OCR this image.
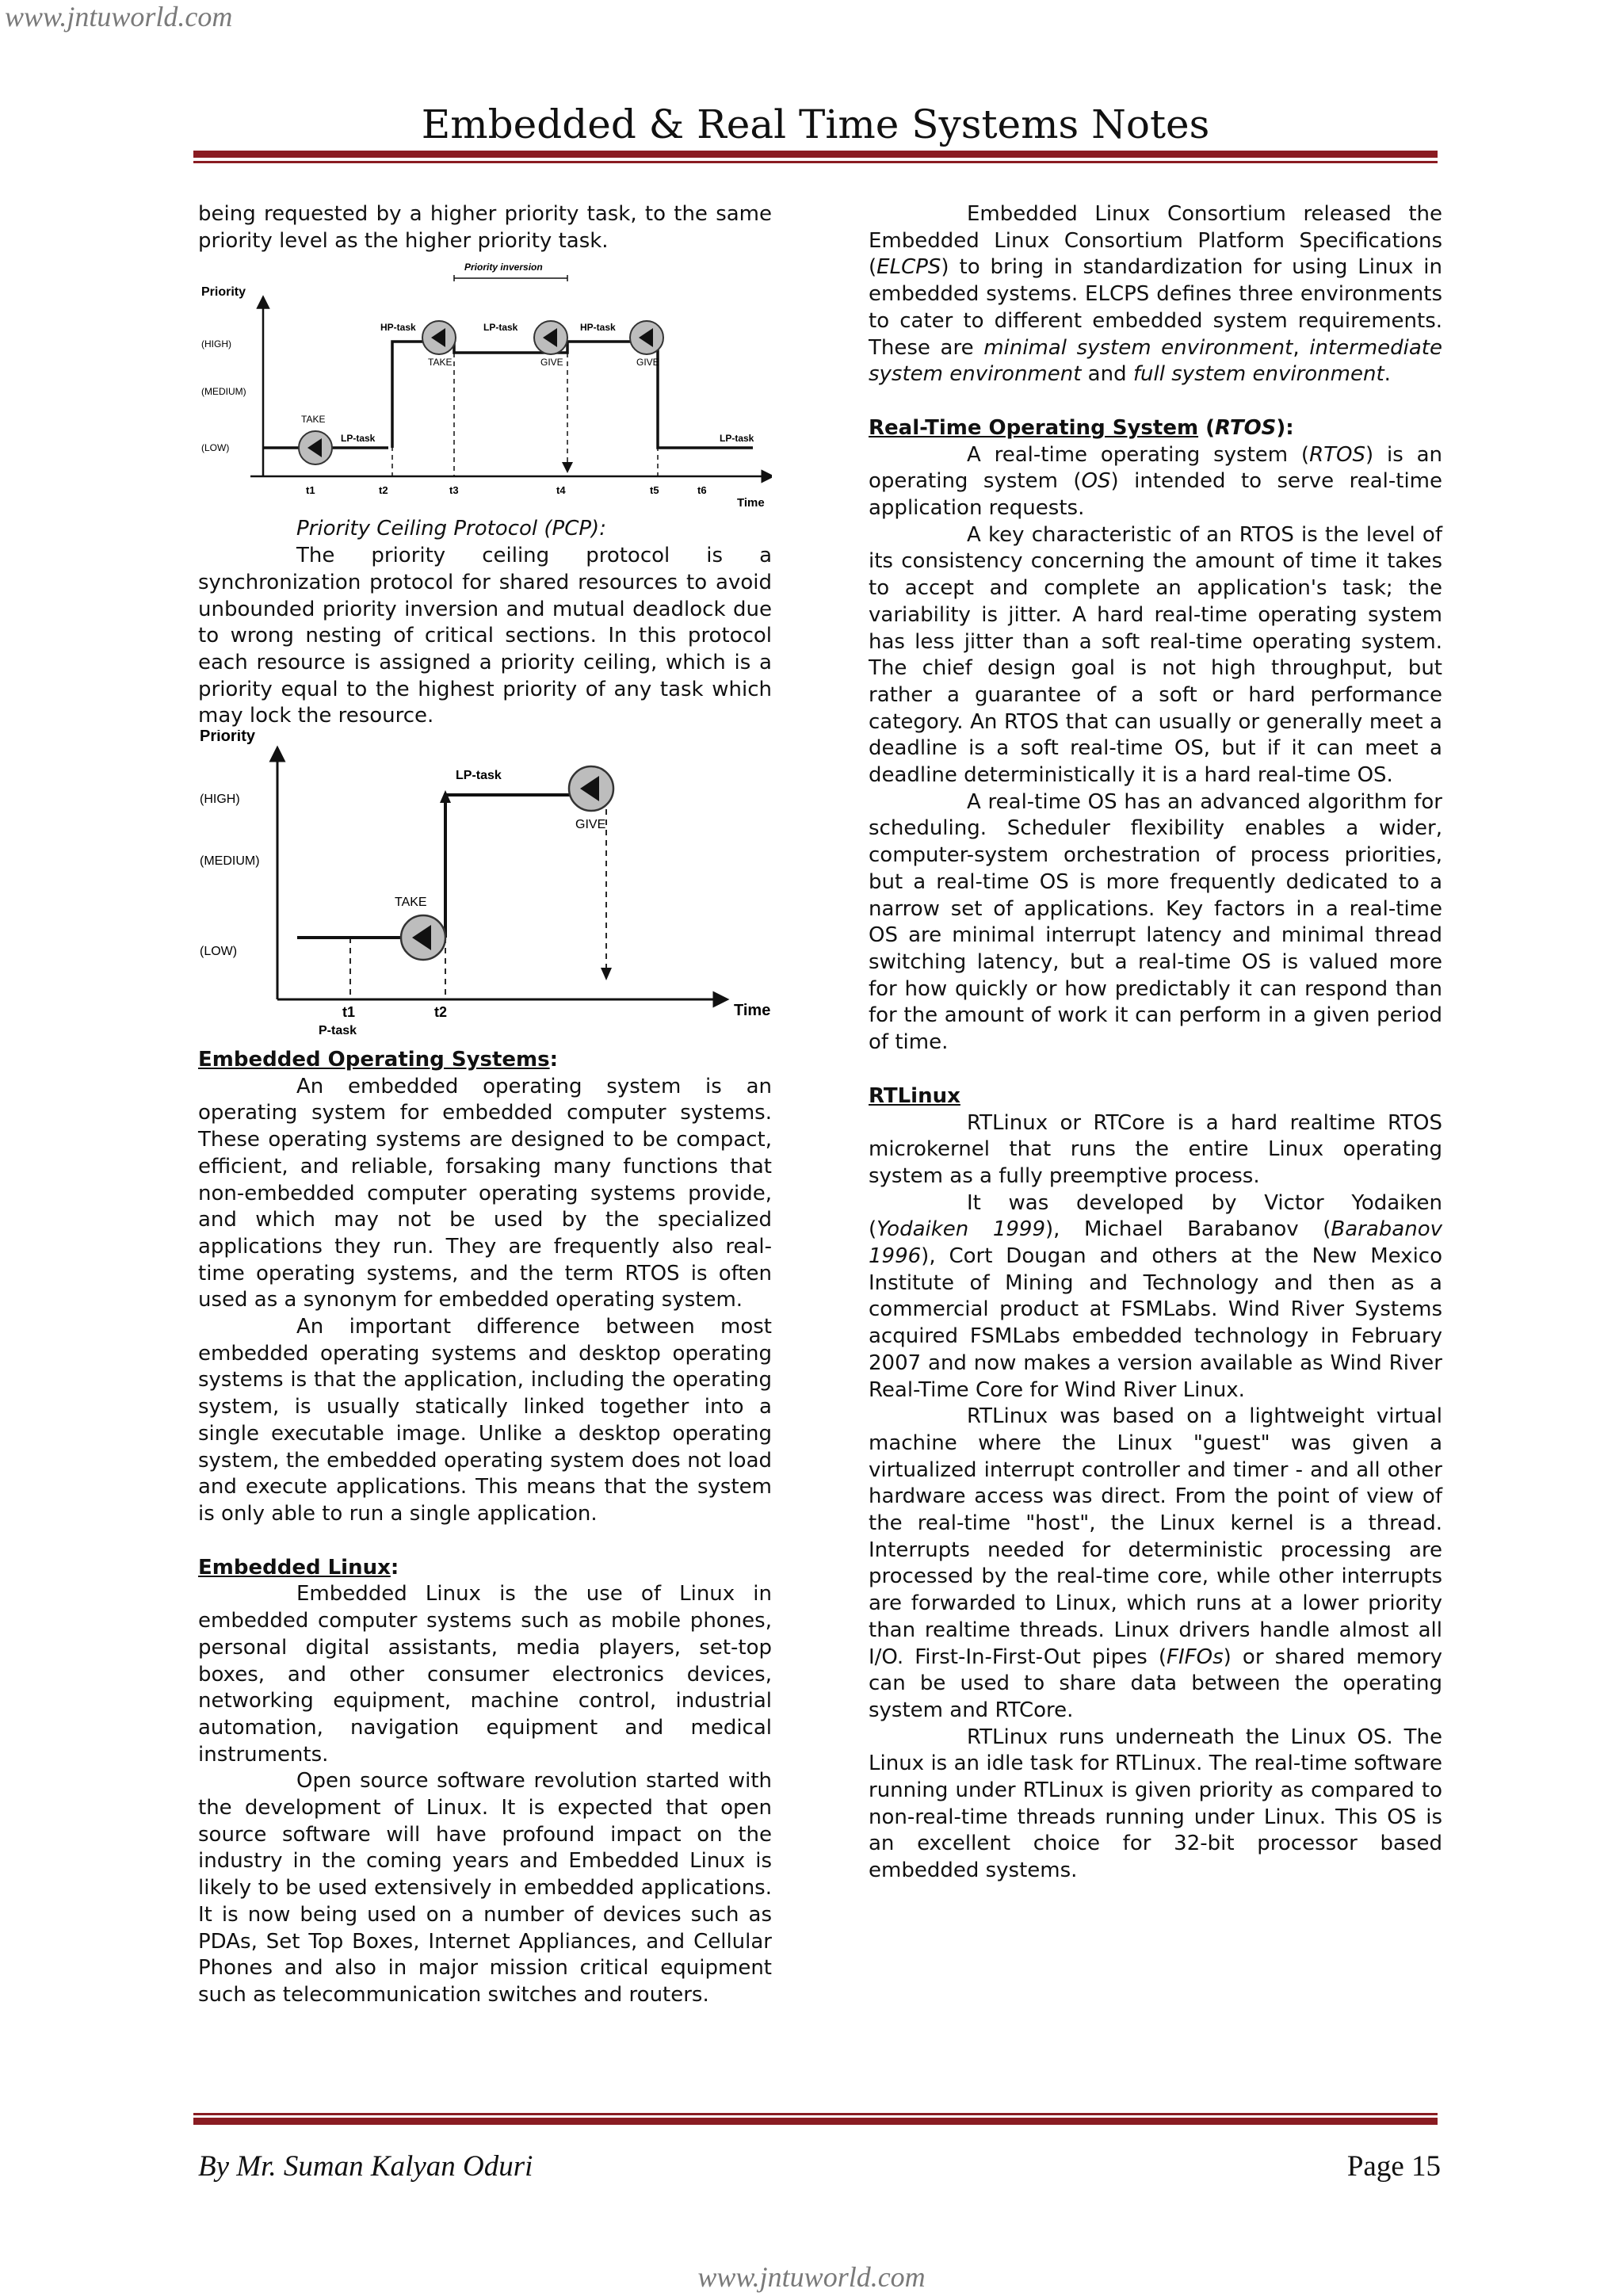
www.jntuworld.com
Embedded & Real Time Systems Notes

being requested by a higher priority task, to the same priority level as the higher priority task.

Priority
Time
(HIGH)
(MEDIUM)
(LOW)
Priority inversion
HP-task	LP-task	HP-task
LP-task	LP-task
TAKE
TAKE	GIVE	GIVE
t1	t2	t3	t4	t5	t6

Priority Ceiling Protocol (PCP):

The priority ceiling protocol is a synchronization protocol for shared resources to avoid unbounded priority inversion and mutual deadlock due to wrong nesting of critical sections. In this protocol each resource is assigned a priority ceiling, which is a priority equal to the highest priority of any task which may lock the resource.

Priority
Time
(HIGH)
(MEDIUM)
(LOW)
LP-task
TAKE
GIVE
t1	t2
P-task

Embedded Operating Systems:

An embedded operating system is an operating system for embedded computer systems. These operating systems are designed to be compact, efficient, and reliable, forsaking many functions that non-embedded computer operating systems provide, and which may not be used by the specialized applications they run. They are frequently also real-time operating systems, and the term RTOS is often used as a synonym for embedded operating system.

An important difference between most embedded operating systems and desktop operating systems is that the application, including the operating system, is usually statically linked together into a single executable image. Unlike a desktop operating system, the embedded operating system does not load and execute applications. This means that the system is only able to run a single application.

Embedded Linux:

Embedded Linux is the use of Linux in embedded computer systems such as mobile phones, personal digital assistants, media players, set-top boxes, and other consumer electronics devices, networking equipment, machine control, industrial automation, navigation equipment and medical instruments.

Open source software revolution started with the development of Linux. It is expected that open source software will have profound impact on the industry in the coming years and Embedded Linux is likely to be used extensively in embedded applications. It is now being used on a number of devices such as PDAs, Set Top Boxes, Internet Appliances, and Cellular Phones and also in major mission critical equipment such as telecommunication switches and routers.

Embedded Linux Consortium released the Embedded Linux Consortium Platform Specifications (ELCPS) to bring in standardization for using Linux in embedded systems. ELCPS defines three environments to cater to different embedded system requirements. These are minimal system environment, intermediate system environment and full system environment.

Real-Time Operating System (RTOS):

A real-time operating system (RTOS) is an operating system (OS) intended to serve real-time application requests.

A key characteristic of an RTOS is the level of its consistency concerning the amount of time it takes to accept and complete an application's task; the variability is jitter. A hard real-time operating system has less jitter than a soft real-time operating system. The chief design goal is not high throughput, but rather a guarantee of a soft or hard performance category. An RTOS that can usually or generally meet a deadline is a soft real-time OS, but if it can meet a deadline deterministically it is a hard real-time OS.

A real-time OS has an advanced algorithm for scheduling. Scheduler flexibility enables a wider, computer-system orchestration of process priorities, but a real-time OS is more frequently dedicated to a narrow set of applications. Key factors in a real-time OS are minimal interrupt latency and minimal thread switching latency, but a real-time OS is valued more for how quickly or how predictably it can respond than for the amount of work it can perform in a given period of time.

RTLinux

RTLinux or RTCore is a hard realtime RTOS microkernel that runs the entire Linux operating system as a fully preemptive process.

It was developed by Victor Yodaiken (Yodaiken 1999), Michael Barabanov (Barabanov 1996), Cort Dougan and others at the New Mexico Institute of Mining and Technology and then as a commercial product at FSMLabs. Wind River Systems acquired FSMLabs embedded technology in February 2007 and now makes a version available as Wind River Real-Time Core for Wind River Linux.

RTLinux was based on a lightweight virtual machine where the Linux "guest" was given a virtualized interrupt controller and timer - and all other hardware access was direct. From the point of view of the real-time "host", the Linux kernel is a thread. Interrupts needed for deterministic processing are processed by the real-time core, while other interrupts are forwarded to Linux, which runs at a lower priority than realtime threads. Linux drivers handle almost all I/O. First-In-First-Out pipes (FIFOs) or shared memory can be used to share data between the operating system and RTCore.

RTLinux runs underneath the Linux OS. The Linux is an idle task for RTLinux. The real-time software running under RTLinux is given priority as compared to non-real-time threads running under Linux. This OS is an excellent choice for 32-bit processor based embedded systems.

By Mr. Suman Kalyan Oduri	Page 15
www.jntuworld.com
